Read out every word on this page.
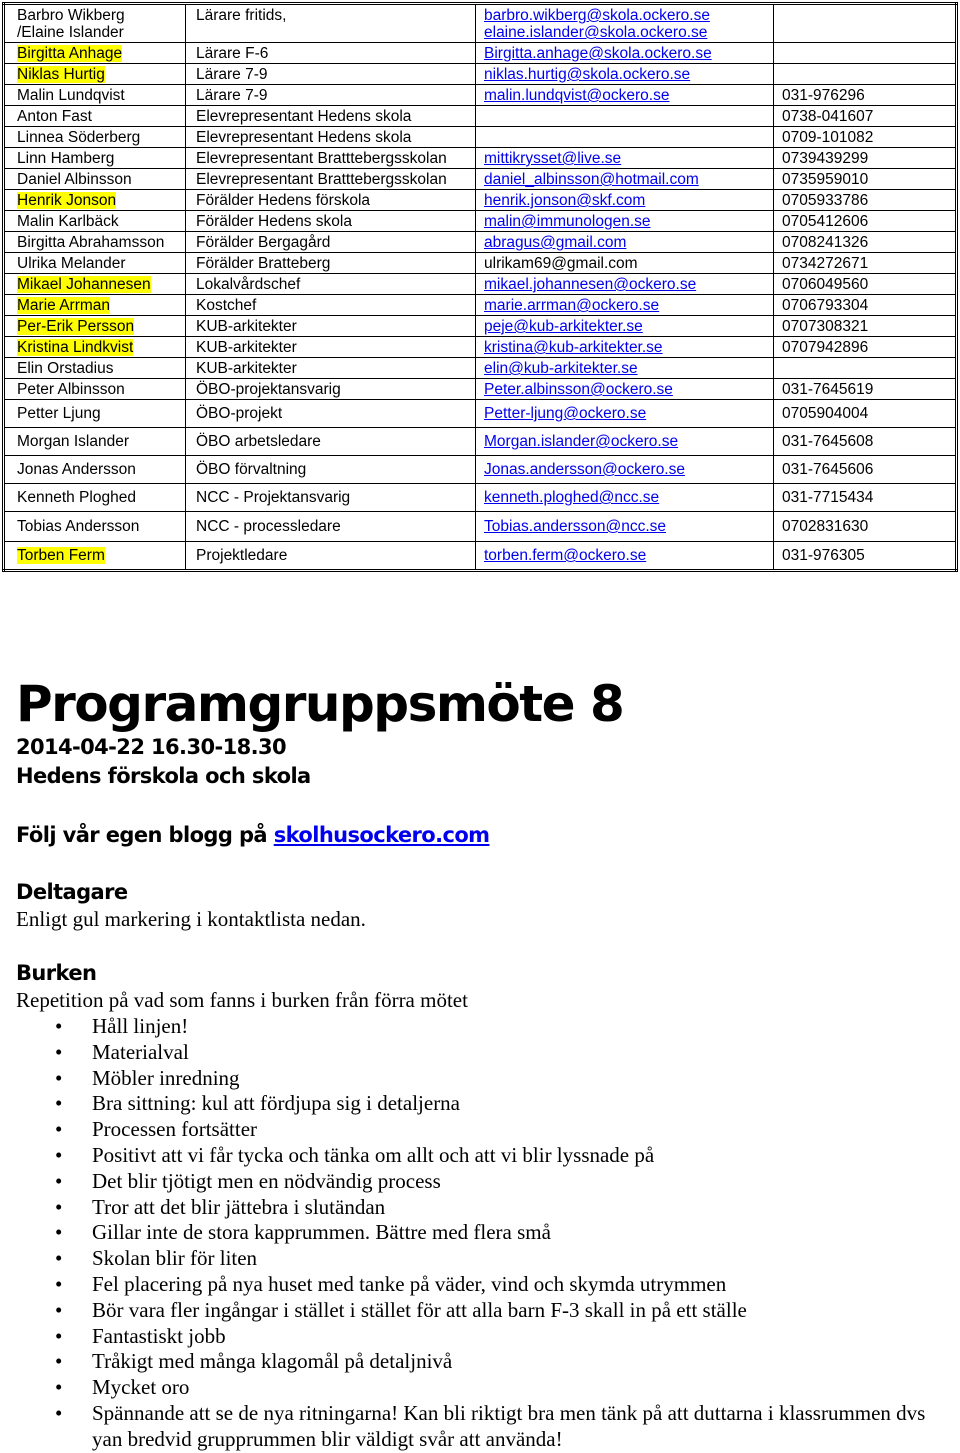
Barbro Wikberg
/Elaine Islander	Lärare fritids,	barbro.wikberg@skola.ockero.se
elaine.islander@skola.ockero.se	
Birgitta Anhage	Lärare F-6	Birgitta.anhage@skola.ockero.se	
Niklas Hurtig	Lärare 7-9	niklas.hurtig@skola.ockero.se	
Malin Lundqvist	Lärare 7-9	malin.lundqvist@ockero.se	031-976296
Anton Fast	Elevrepresentant Hedens skola		0738-041607
Linnea Söderberg	Elevrepresentant Hedens skola		0709-101082
Linn Hamberg	Elevrepresentant Bratttebergsskolan	mittikrysset@live.se	0739439299
Daniel Albinsson	Elevrepresentant Bratttebergsskolan	daniel_albinsson@hotmail.com	0735959010
Henrik Jonson	Förälder Hedens förskola	henrik.jonson@skf.com	0705933786
Malin Karlbäck	Förälder Hedens skola	malin@immunologen.se	0705412606
Birgitta Abrahamsson	Förälder Bergagård	abragus@gmail.com	0708241326
Ulrika Melander	Förälder Bratteberg	ulrikam69@gmail.com	0734272671
Mikael Johannesen	Lokalvårdschef	mikael.johannesen@ockero.se	0706049560
Marie Arrman	Kostchef	marie.arrman@ockero.se	0706793304
Per-Erik Persson	KUB-arkitekter	peje@kub-arkitekter.se	0707308321
Kristina Lindkvist	KUB-arkitekter	kristina@kub-arkitekter.se	0707942896
Elin Orstadius	KUB-arkitekter	elin@kub-arkitekter.se	
Peter Albinsson	ÖBO-projektansvarig	Peter.albinsson@ockero.se	031-7645619
Petter Ljung	ÖBO-projekt	Petter-ljung@ockero.se	0705904004
Morgan Islander	ÖBO arbetsledare	Morgan.islander@ockero.se	031-7645608
Jonas Andersson	ÖBO förvaltning	Jonas.andersson@ockero.se	031-7645606
Kenneth Ploghed	NCC - Projektansvarig	kenneth.ploghed@ncc.se	031-7715434
Tobias Andersson	NCC - processledare	Tobias.andersson@ncc.se	0702831630
Torben Ferm	Projektledare	torben.ferm@ockero.se	031-976305
Programgruppsmöte 8

2014-04-22 16.30-18.30

Hedens förskola och skola

Följ vår egen blogg på skolhusockero.com

Deltagare

Enligt gul markering i kontaktlista nedan.

Burken

Repetition på vad som fanns i burken från förra mötet

• Håll linjen!
• Materialval
• Möbler inredning
• Bra sittning: kul att fördjupa sig i detaljerna
• Processen fortsätter
• Positivt att vi får tycka och tänka om allt och att vi blir lyssnade på
• Det blir tjötigt men en nödvändig process
• Tror att det blir jättebra i slutändan
• Gillar inte de stora kapprummen. Bättre med flera små
• Skolan blir för liten
• Fel placering på nya huset med tanke på väder, vind och skymda utrymmen
• Bör vara fler ingångar i stället i stället för att alla barn F-3 skall in på ett ställe
• Fantastiskt jobb
• Tråkigt med många klagomål på detaljnivå
• Mycket oro
• Spännande att se de nya ritningarna! Kan bli riktigt bra men tänk på att duttarna i klassrummen dvs yan bredvid grupprummen blir väldigt svår att använda!
